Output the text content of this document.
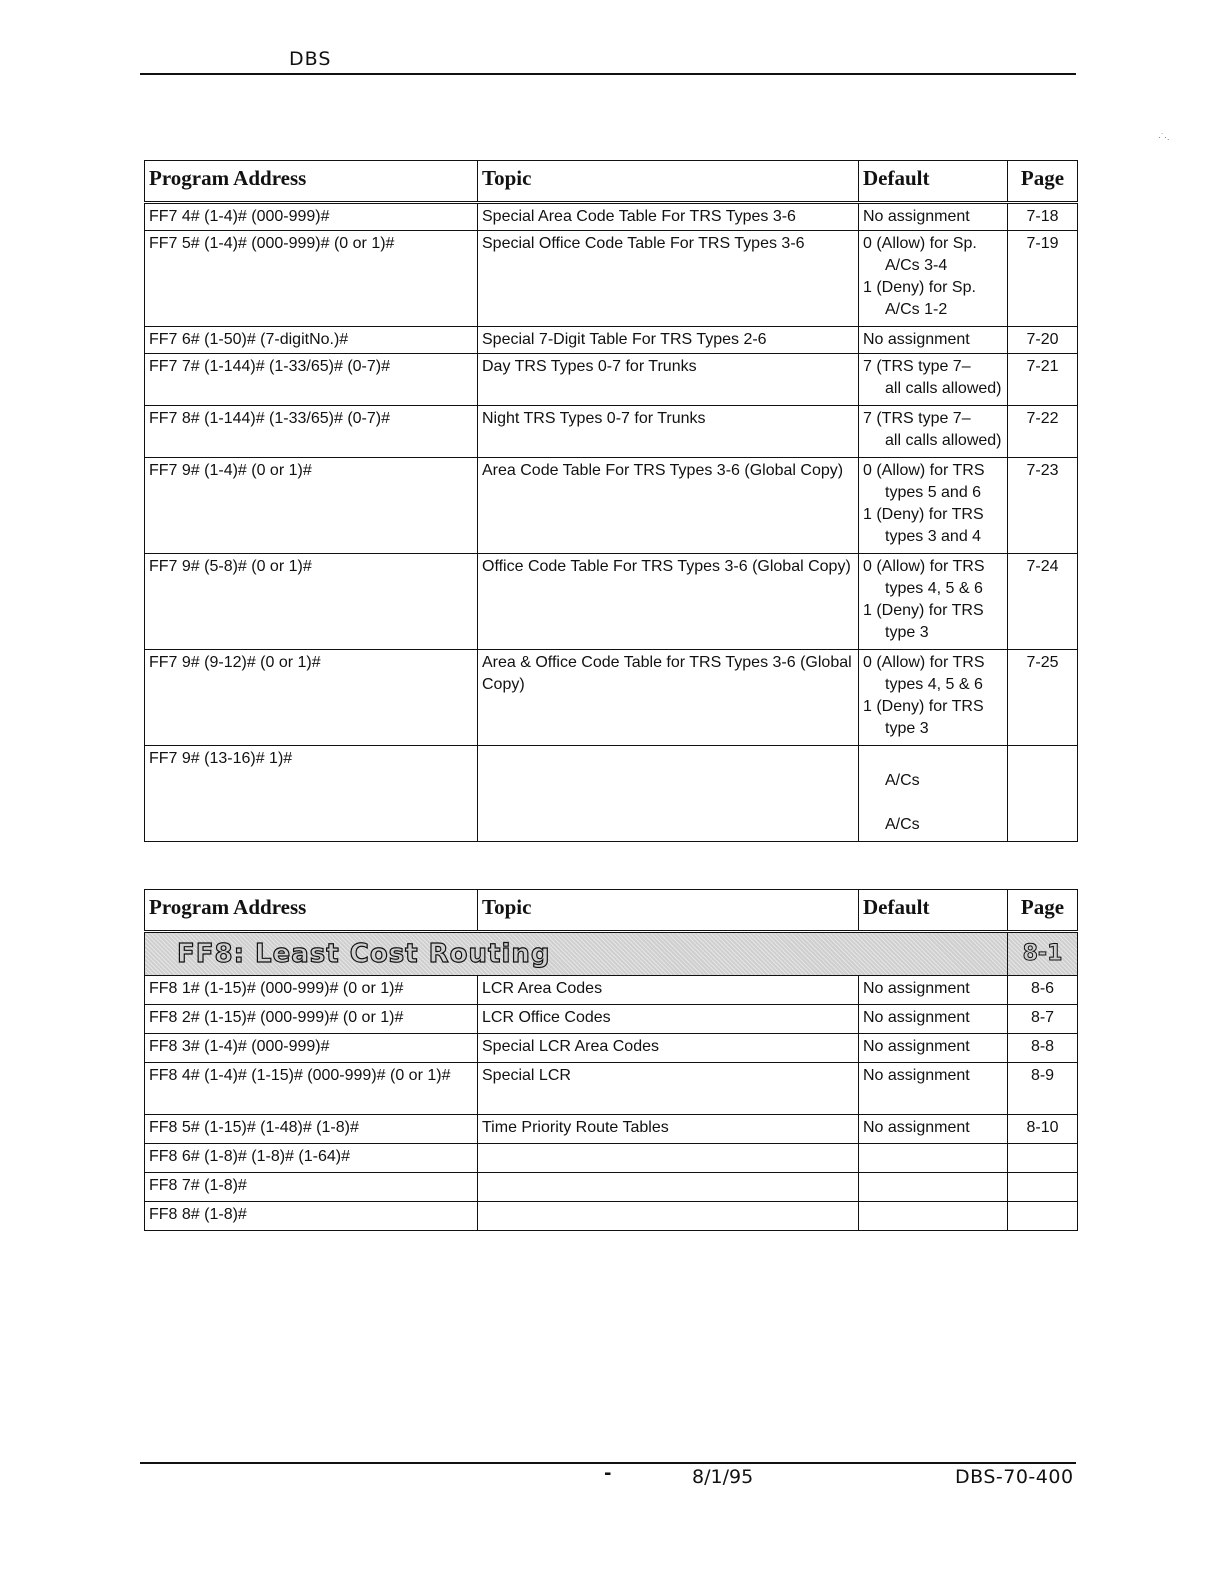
DBS
·˙·.
Program Address	Topic	Default	Page
FF7 4# (1-4)# (000-999)#	Special Area Code Table For TRS Types 3-6	No assignment	7-18
FF7 5# (1-4)# (000-999)# (0 or 1)#	Special Office Code Table For TRS Types 3-6	0 (Allow) for Sp.
A/Cs 3-4
1 (Deny) for Sp.
A/Cs 1-2	7-19
FF7 6# (1-50)# (7-digitNo.)#	Special 7-Digit Table For TRS Types 2-6	No assignment	7-20
FF7 7# (1-144)# (1-33/65)# (0-7)#	Day TRS Types 0-7 for Trunks	7 (TRS type 7–
all calls allowed)	7-21
FF7 8# (1-144)# (1-33/65)# (0-7)#	Night TRS Types 0-7 for Trunks	7 (TRS type 7–
all calls allowed)	7-22
FF7 9# (1-4)# (0 or 1)#	Area Code Table For TRS Types 3-6 (Global Copy)	0 (Allow) for TRS
types 5 and 6
1 (Deny) for TRS
types 3 and 4	7-23
FF7 9# (5-8)# (0 or 1)#	Office Code Table For TRS Types 3-6 (Global Copy)	0 (Allow) for TRS
types 4, 5 & 6
1 (Deny) for TRS
type 3	7-24
FF7 9# (9-12)# (0 or 1)#	Area & Office Code Table for TRS Types 3-6 (Global Copy)	0 (Allow) for TRS
types 4, 5 & 6
1 (Deny) for TRS
type 3	7-25
FF7 9# (13-16)# 1)#		A/Cs

A/Cs	

Program Address	Topic	Default	Page

FF8: Least Cost Routing			8-1

FF8 1# (1-15)# (000-999)# (0 or 1)#	LCR Area Codes	No assignment	8-6
FF8 2# (1-15)# (000-999)# (0 or 1)#	LCR Office Codes	No assignment	8-7
FF8 3# (1-4)# (000-999)#	Special LCR Area Codes	No assignment	8-8
FF8 4# (1-4)# (1-15)# (000-999)# (0 or 1)#	Special LCR	No assignment	8-9
FF8 5# (1-15)# (1-48)# (1-8)#	Time Priority Route Tables	No assignment	8-10
FF8 6# (1-8)# (1-8)# (1-64)#			
FF8 7# (1-8)#			
FF8 8# (1-8)#			
-	8/1/95	DBS-70-400
